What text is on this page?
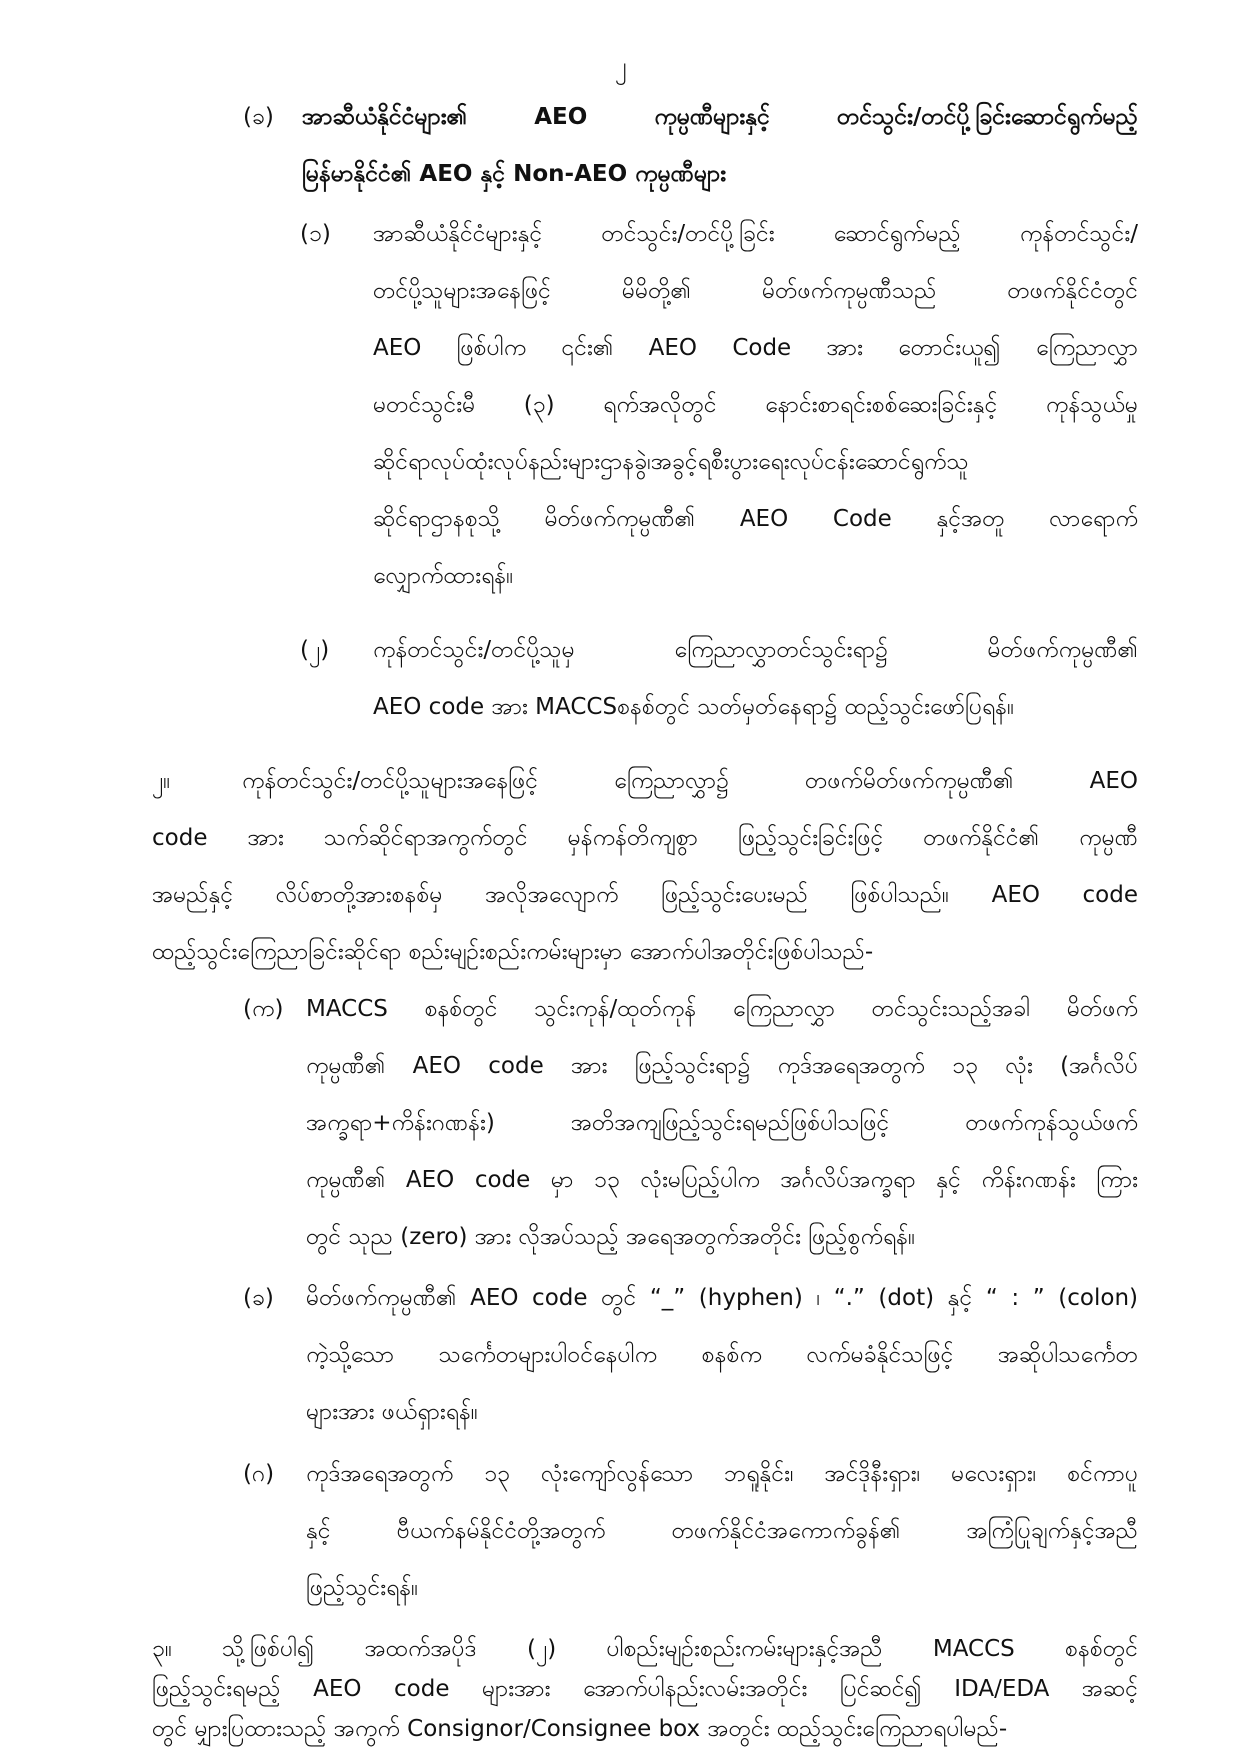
၂
(ခ) အာဆီယံနိုင်ငံများ၏ AEO ကုမ္ပဏီများနှင့် တင်သွင်း/တင်ပို့ခြင်းဆောင်ရွက်မည့်
မြန်မာနိုင်ငံ၏ AEO နှင့် Non-AEO ကုမ္ပဏီများ
(၁) အာဆီယံနိုင်ငံများနှင့် တင်သွင်း/တင်ပို့ခြင်း ဆောင်ရွက်မည့် ကုန်တင်သွင်း/
တင်ပို့သူများအနေဖြင့် မိမိတို့၏ မိတ်ဖက်ကုမ္ပဏီသည် တဖက်နိုင်ငံတွင်
AEO ဖြစ်ပါက ၎င်း၏ AEO Code အား တောင်းယူ၍ ကြေညာလွှာ
မတင်သွင်းမီ (၃) ရက်အလိုတွင် နောင်းစာရင်းစစ်ဆေးခြင်းနှင့် ကုန်သွယ်မှု
ဆိုင်ရာလုပ်ထုံးလုပ်နည်းများဌာနခွဲ၊အခွင့်ရစီးပွားရေးလုပ်ငန်းဆောင်ရွက်သူ
ဆိုင်ရာဌာနစုသို့ မိတ်ဖက်ကုမ္ပဏီ၏ AEO Code နှင့်အတူ လာရောက်
လျှောက်ထားရန်။
(၂) ကုန်တင်သွင်း/တင်ပို့သူမှ ကြေညာလွှာတင်သွင်းရာ၌ မိတ်ဖက်ကုမ္ပဏီ၏
AEO code အား MACCSစနစ်တွင် သတ်မှတ်နေရာ၌ ထည့်သွင်းဖော်ပြရန်။
၂။	ကုန်တင်သွင်း/တင်ပို့သူများအနေဖြင့် ကြေညာလွှာ၌ တဖက်မိတ်ဖက်ကုမ္ပဏီ၏ AEO
code အား သက်ဆိုင်ရာအကွက်တွင် မှန်ကန်တိကျစွာ ဖြည့်သွင်းခြင်းဖြင့် တဖက်နိုင်ငံ၏ ကုမ္ပဏီ
အမည်နှင့် လိပ်စာတို့အားစနစ်မှ အလိုအလျောက် ဖြည့်သွင်းပေးမည် ဖြစ်ပါသည်။ AEO code
ထည့်သွင်းကြေညာခြင်းဆိုင်ရာ စည်းမျဉ်းစည်းကမ်းများမှာ အောက်ပါအတိုင်းဖြစ်ပါသည်-
(က) MACCS စနစ်တွင် သွင်းကုန်/ထုတ်ကုန် ကြေညာလွှာ တင်သွင်းသည့်အခါ မိတ်ဖက်
ကုမ္ပဏီ၏ AEO code အား ဖြည့်သွင်းရာ၌ ကုဒ်အရေအတွက် ၁၃ လုံး (အင်္ဂလိပ်
အက္ခရာ+ကိန်းဂဏန်း) အတိအကျဖြည့်သွင်းရမည်ဖြစ်ပါသဖြင့် တဖက်ကုန်သွယ်ဖက်
ကုမ္ပဏီ၏ AEO code မှာ ၁၃ လုံးမပြည့်ပါက အင်္ဂလိပ်အက္ခရာ နှင့် ကိန်းဂဏန်း ကြား
တွင် သုည (zero) အား လိုအပ်သည့် အရေအတွက်အတိုင်း ဖြည့်စွက်ရန်။
(ခ) မိတ်ဖက်ကုမ္ပဏီ၏ AEO code တွင် “_” (hyphen) ၊ “.” (dot) နှင့် “ : ” (colon)
ကဲ့သို့သော သင်္ကေတများပါဝင်နေပါက စနစ်က လက်မခံနိုင်သဖြင့် အဆိုပါသင်္ကေတ
များအား ဖယ်ရှားရန်။
(ဂ) ကုဒ်အရေအတွက် ၁၃ လုံးကျော်လွန်သော ဘရူနိုင်း၊ အင်ဒိုနီးရှား၊ မလေးရှား၊ စင်ကာပူ
နှင့် ဗီယက်နမ်နိုင်ငံတို့အတွက် တဖက်နိုင်ငံအကောက်ခွန်၏ အကြံပြုချက်နှင့်အညီ
ဖြည့်သွင်းရန်။
၃။ သို့ဖြစ်ပါ၍ အထက်အပိုဒ် (၂) ပါစည်းမျဉ်းစည်းကမ်းများနှင့်အညီ MACCS စနစ်တွင်
ဖြည့်သွင်းရမည့် AEO code များအား အောက်ပါနည်းလမ်းအတိုင်း ပြင်ဆင်၍ IDA/EDA အဆင့်
တွင် မျှားပြထားသည့် အကွက် Consignor/Consignee box အတွင်း ထည့်သွင်းကြေညာရပါမည်-
